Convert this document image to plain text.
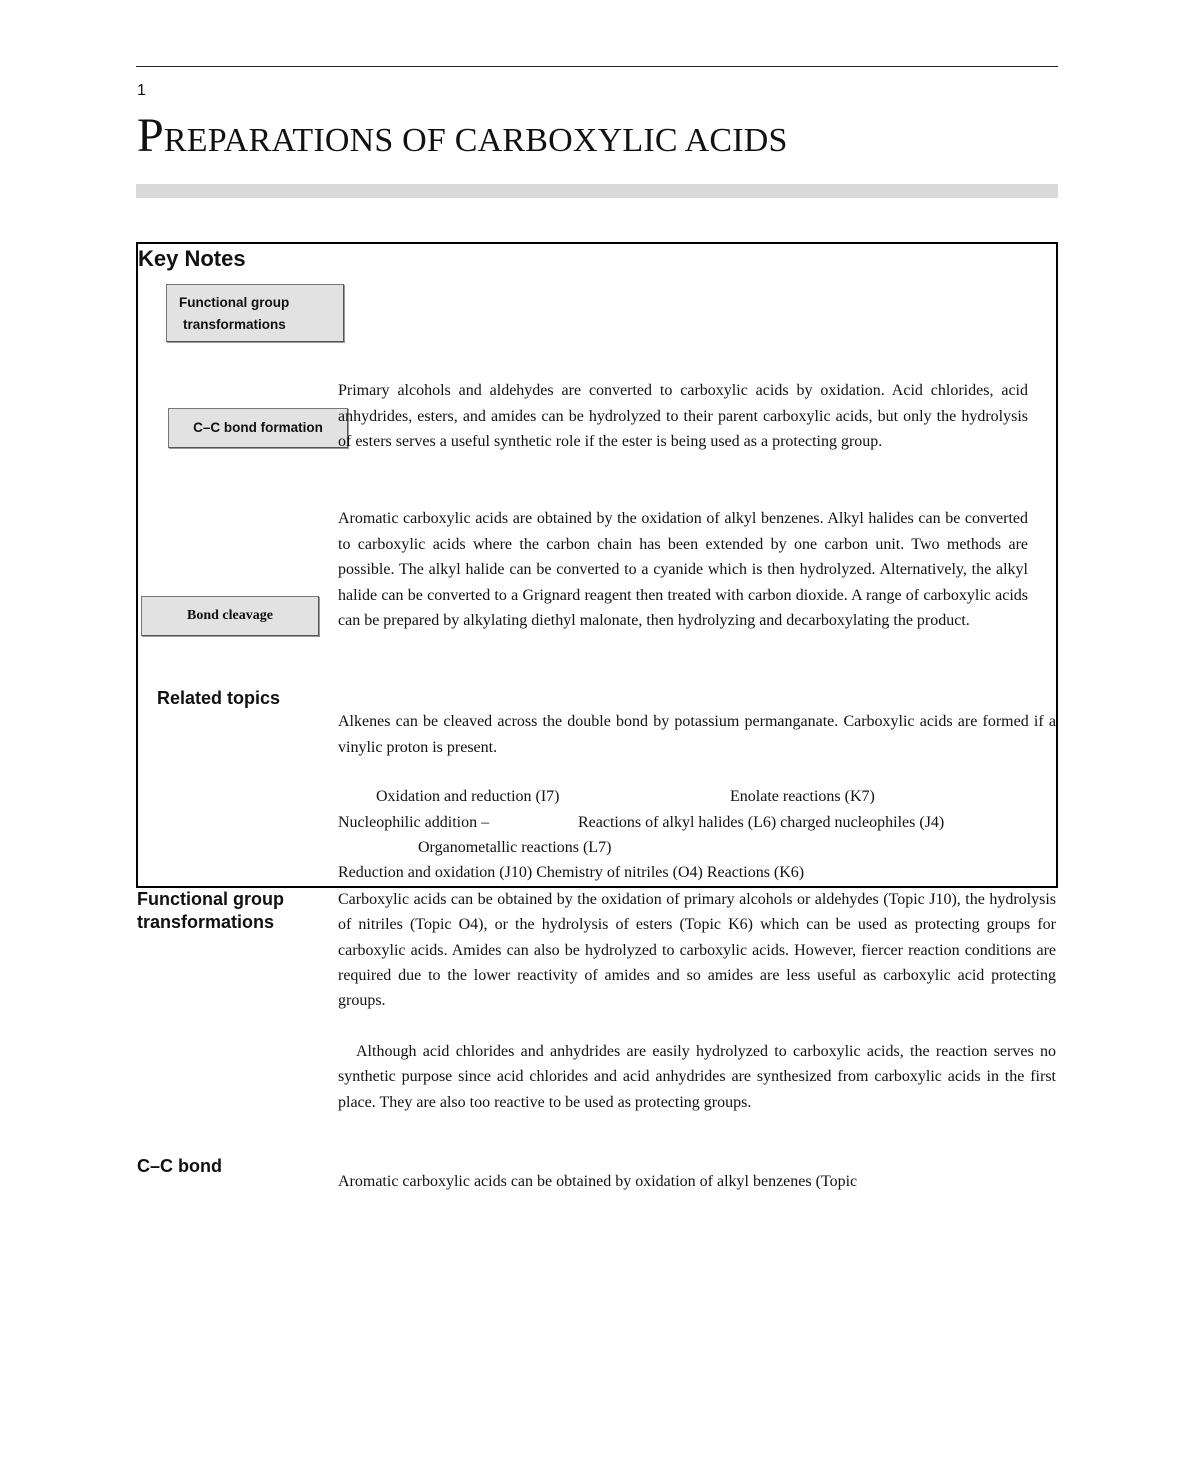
1
PREPARATIONS OF CARBOXYLIC ACIDS
Key Notes
Functional group
transformations
C–C bond formation
Bond cleavage

Primary alcohols and aldehydes are converted to carboxylic acids by oxidation. Acid chlorides, acid anhydrides, esters, and amides can be hydrolyzed to their parent carboxylic acids, but only the hydrolysis of esters serves a useful synthetic role if the ester is being used as a protecting group.

Aromatic carboxylic acids are obtained by the oxidation of alkyl benzenes. Alkyl halides can be converted to carboxylic acids where the carbon chain has been extended by one carbon unit. Two methods are possible. The alkyl halide can be converted to a cyanide which is then hydrolyzed. Alternatively, the alkyl halide can be converted to a Grignard reagent then treated with carbon dioxide. A range of carboxylic acids can be prepared by alkylating diethyl malonate, then hydrolyzing and decarboxylating the product.

Alkenes can be cleaved across the double bond by potassium permanganate. Carboxylic acids are formed if a vinylic proton is present.

Related topics
Oxidation and reduction (I7)	Enolate reactions (K7)
Nucleophilic addition –	Reactions of alkyl halides (L6) charged nucleophiles (J4)
Organometallic reactions (L7)
Reduction and oxidation (J10) Chemistry of nitriles (O4) Reactions (K6)
Functional group
transformations

Carboxylic acids can be obtained by the oxidation of primary alcohols or aldehydes (Topic J10), the hydrolysis of nitriles (Topic O4), or the hydrolysis of esters (Topic K6) which can be used as protecting groups for carboxylic acids. Amides can also be hydrolyzed to carboxylic acids. However, fiercer reaction conditions are required due to the lower reactivity of amides and so amides are less useful as carboxylic acid protecting groups.

Although acid chlorides and anhydrides are easily hydrolyzed to carboxylic acids, the reaction serves no synthetic purpose since acid chlorides and acid anhydrides are synthesized from carboxylic acids in the first place. They are also too reactive to be used as protecting groups.

C–C bond

Aromatic carboxylic acids can be obtained by oxidation of alkyl benzenes (Topic
